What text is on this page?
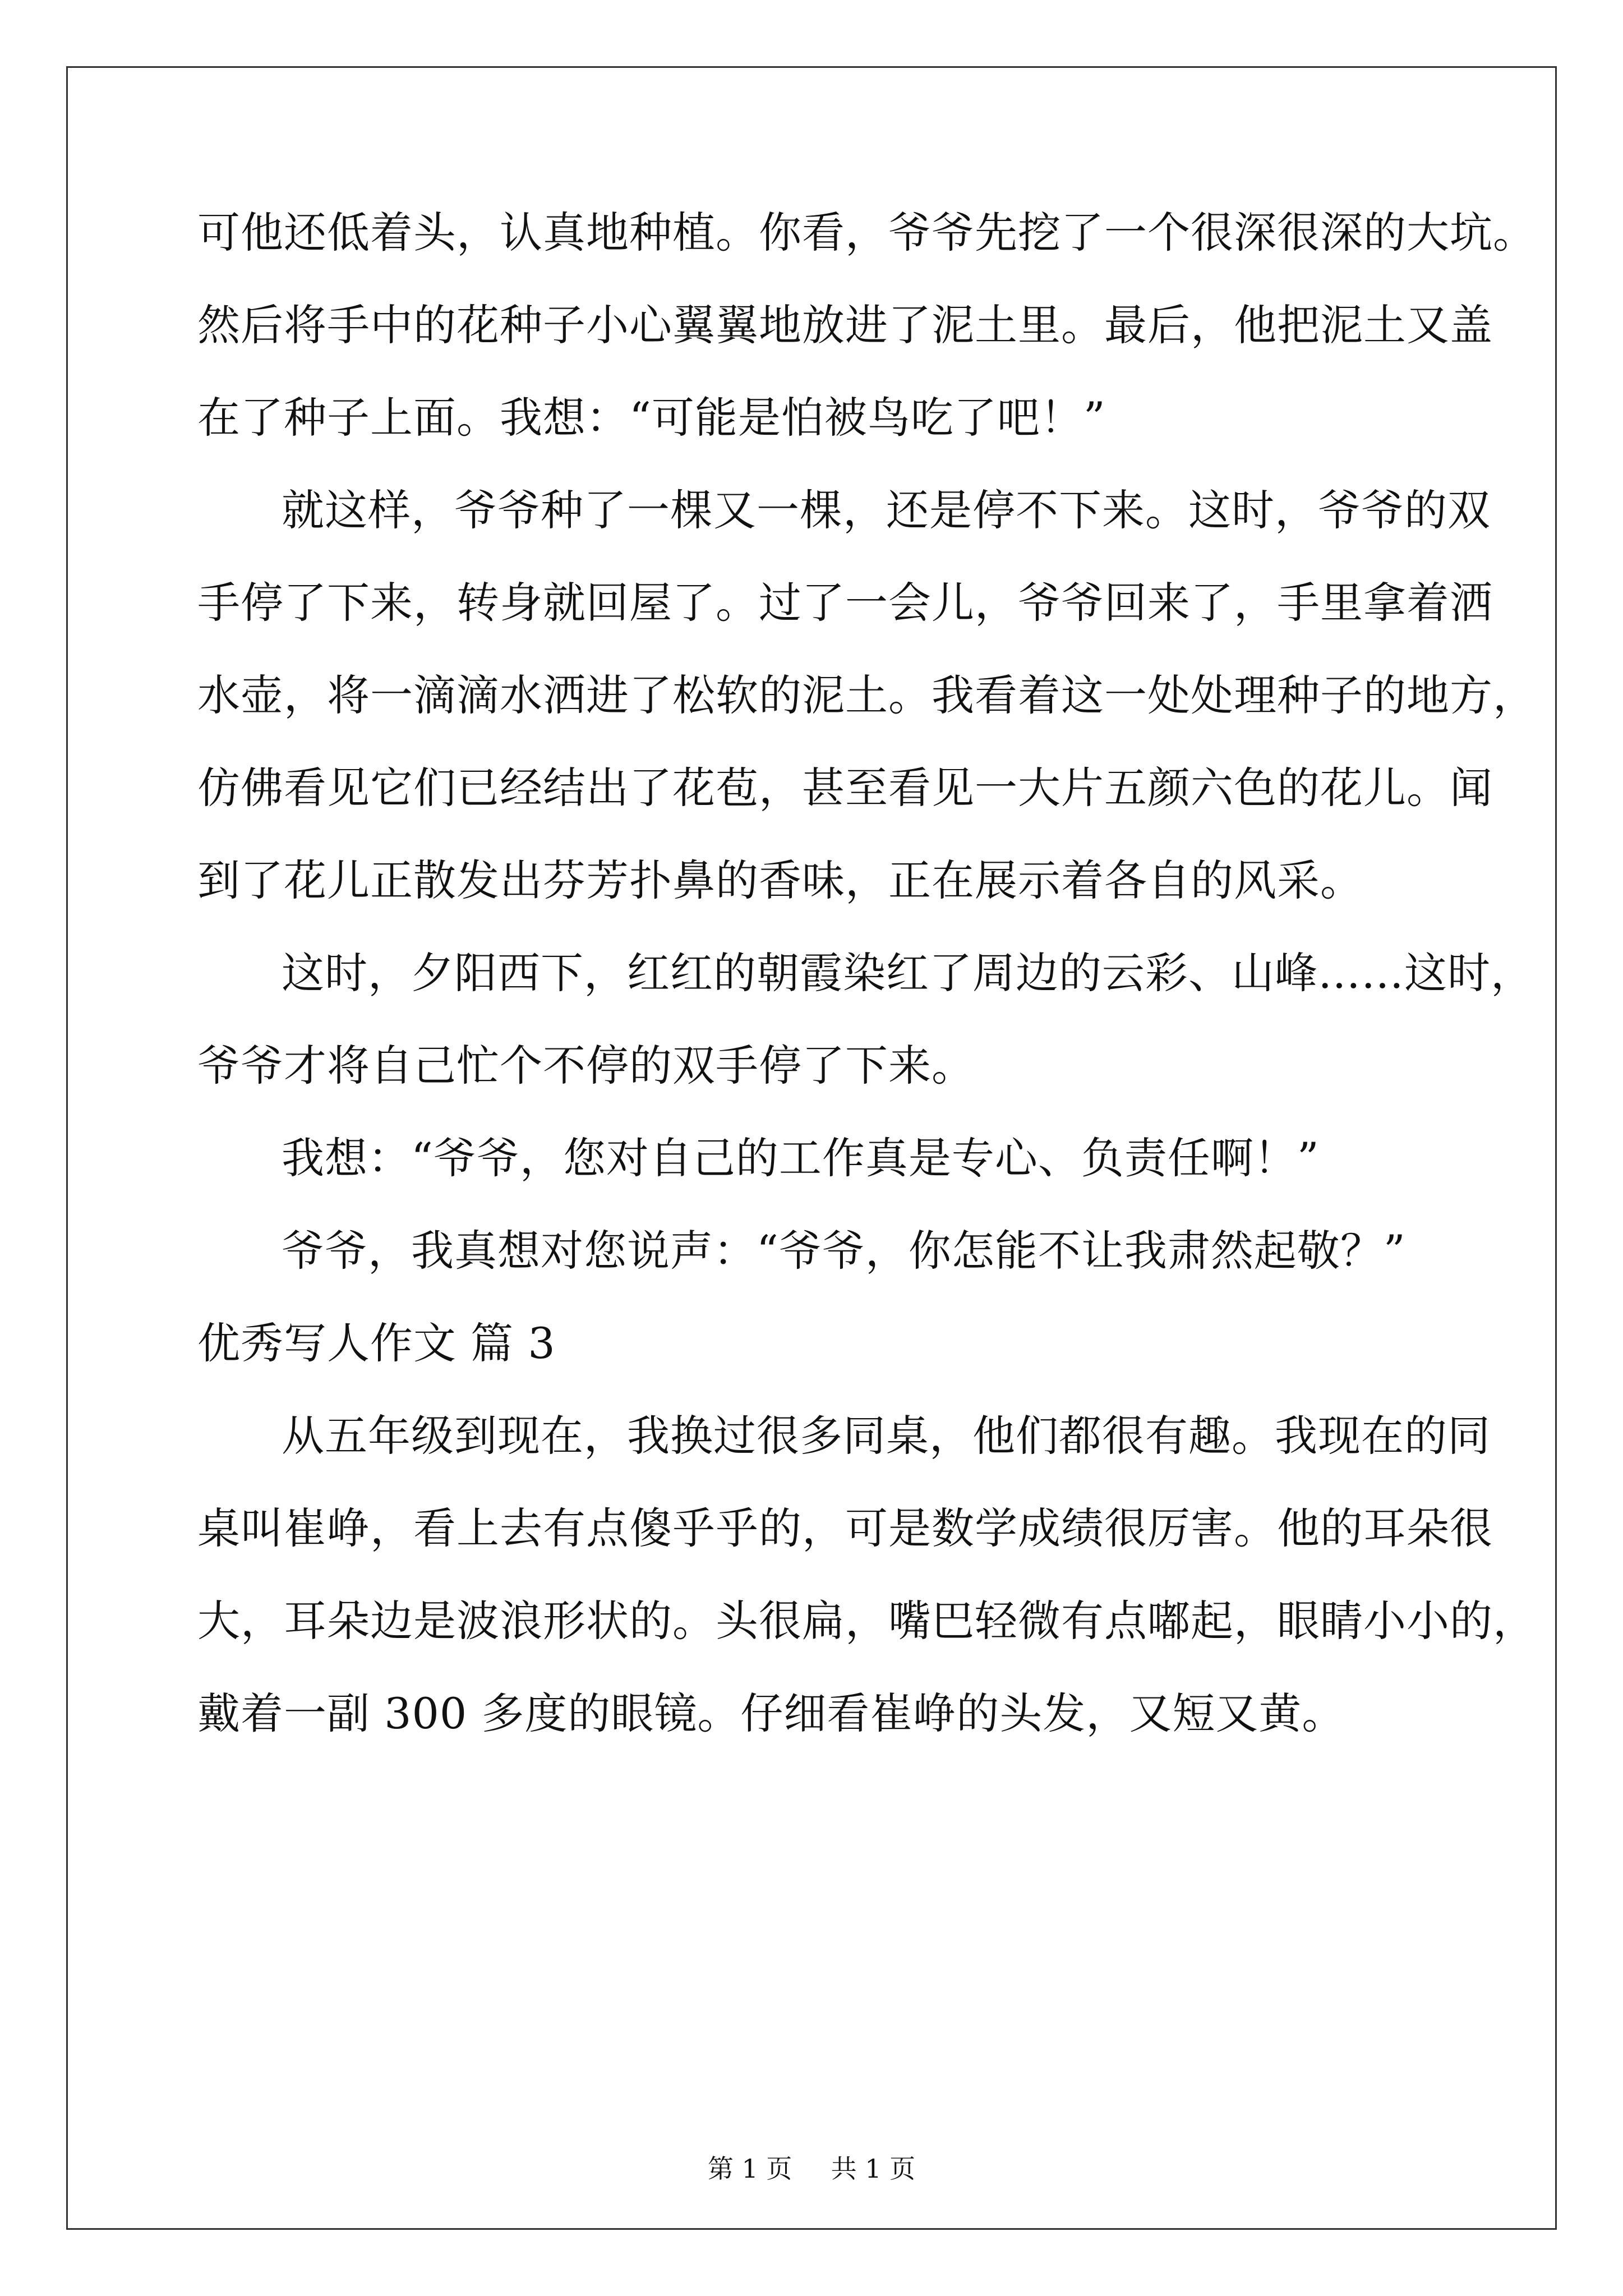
可他还低着头，认真地种植。你看，爷爷先挖了一个很深很深的大坑。
然后将手中的花种子小心翼翼地放进了泥土里。最后，他把泥土又盖
在了种子上面。我想：“可能是怕被鸟吃了吧！”
就这样，爷爷种了一棵又一棵，还是停不下来。这时，爷爷的双
手停了下来，转身就回屋了。过了一会儿，爷爷回来了，手里拿着洒
水壶，将一滴滴水洒进了松软的泥土。我看着这一处处理种子的地方，
仿佛看见它们已经结出了花苞，甚至看见一大片五颜六色的花儿。闻
到了花儿正散发出芬芳扑鼻的香味，正在展示着各自的风采。
这时，夕阳西下，红红的朝霞染红了周边的云彩、山峰……这时，
爷爷才将自己忙个不停的双手停了下来。
我想：“爷爷，您对自己的工作真是专心、负责任啊！”
爷爷，我真想对您说声：“爷爷，你怎能不让我肃然起敬？”
优秀写人作文 篇 3
从五年级到现在，我换过很多同桌，他们都很有趣。我现在的同
桌叫崔峥，看上去有点傻乎乎的，可是数学成绩很厉害。他的耳朵很
大，耳朵边是波浪形状的。头很扁，嘴巴轻微有点嘟起，眼睛小小的，
戴着一副 300 多度的眼镜。仔细看崔峥的头发，又短又黄。
第 1 页 共 1 页
